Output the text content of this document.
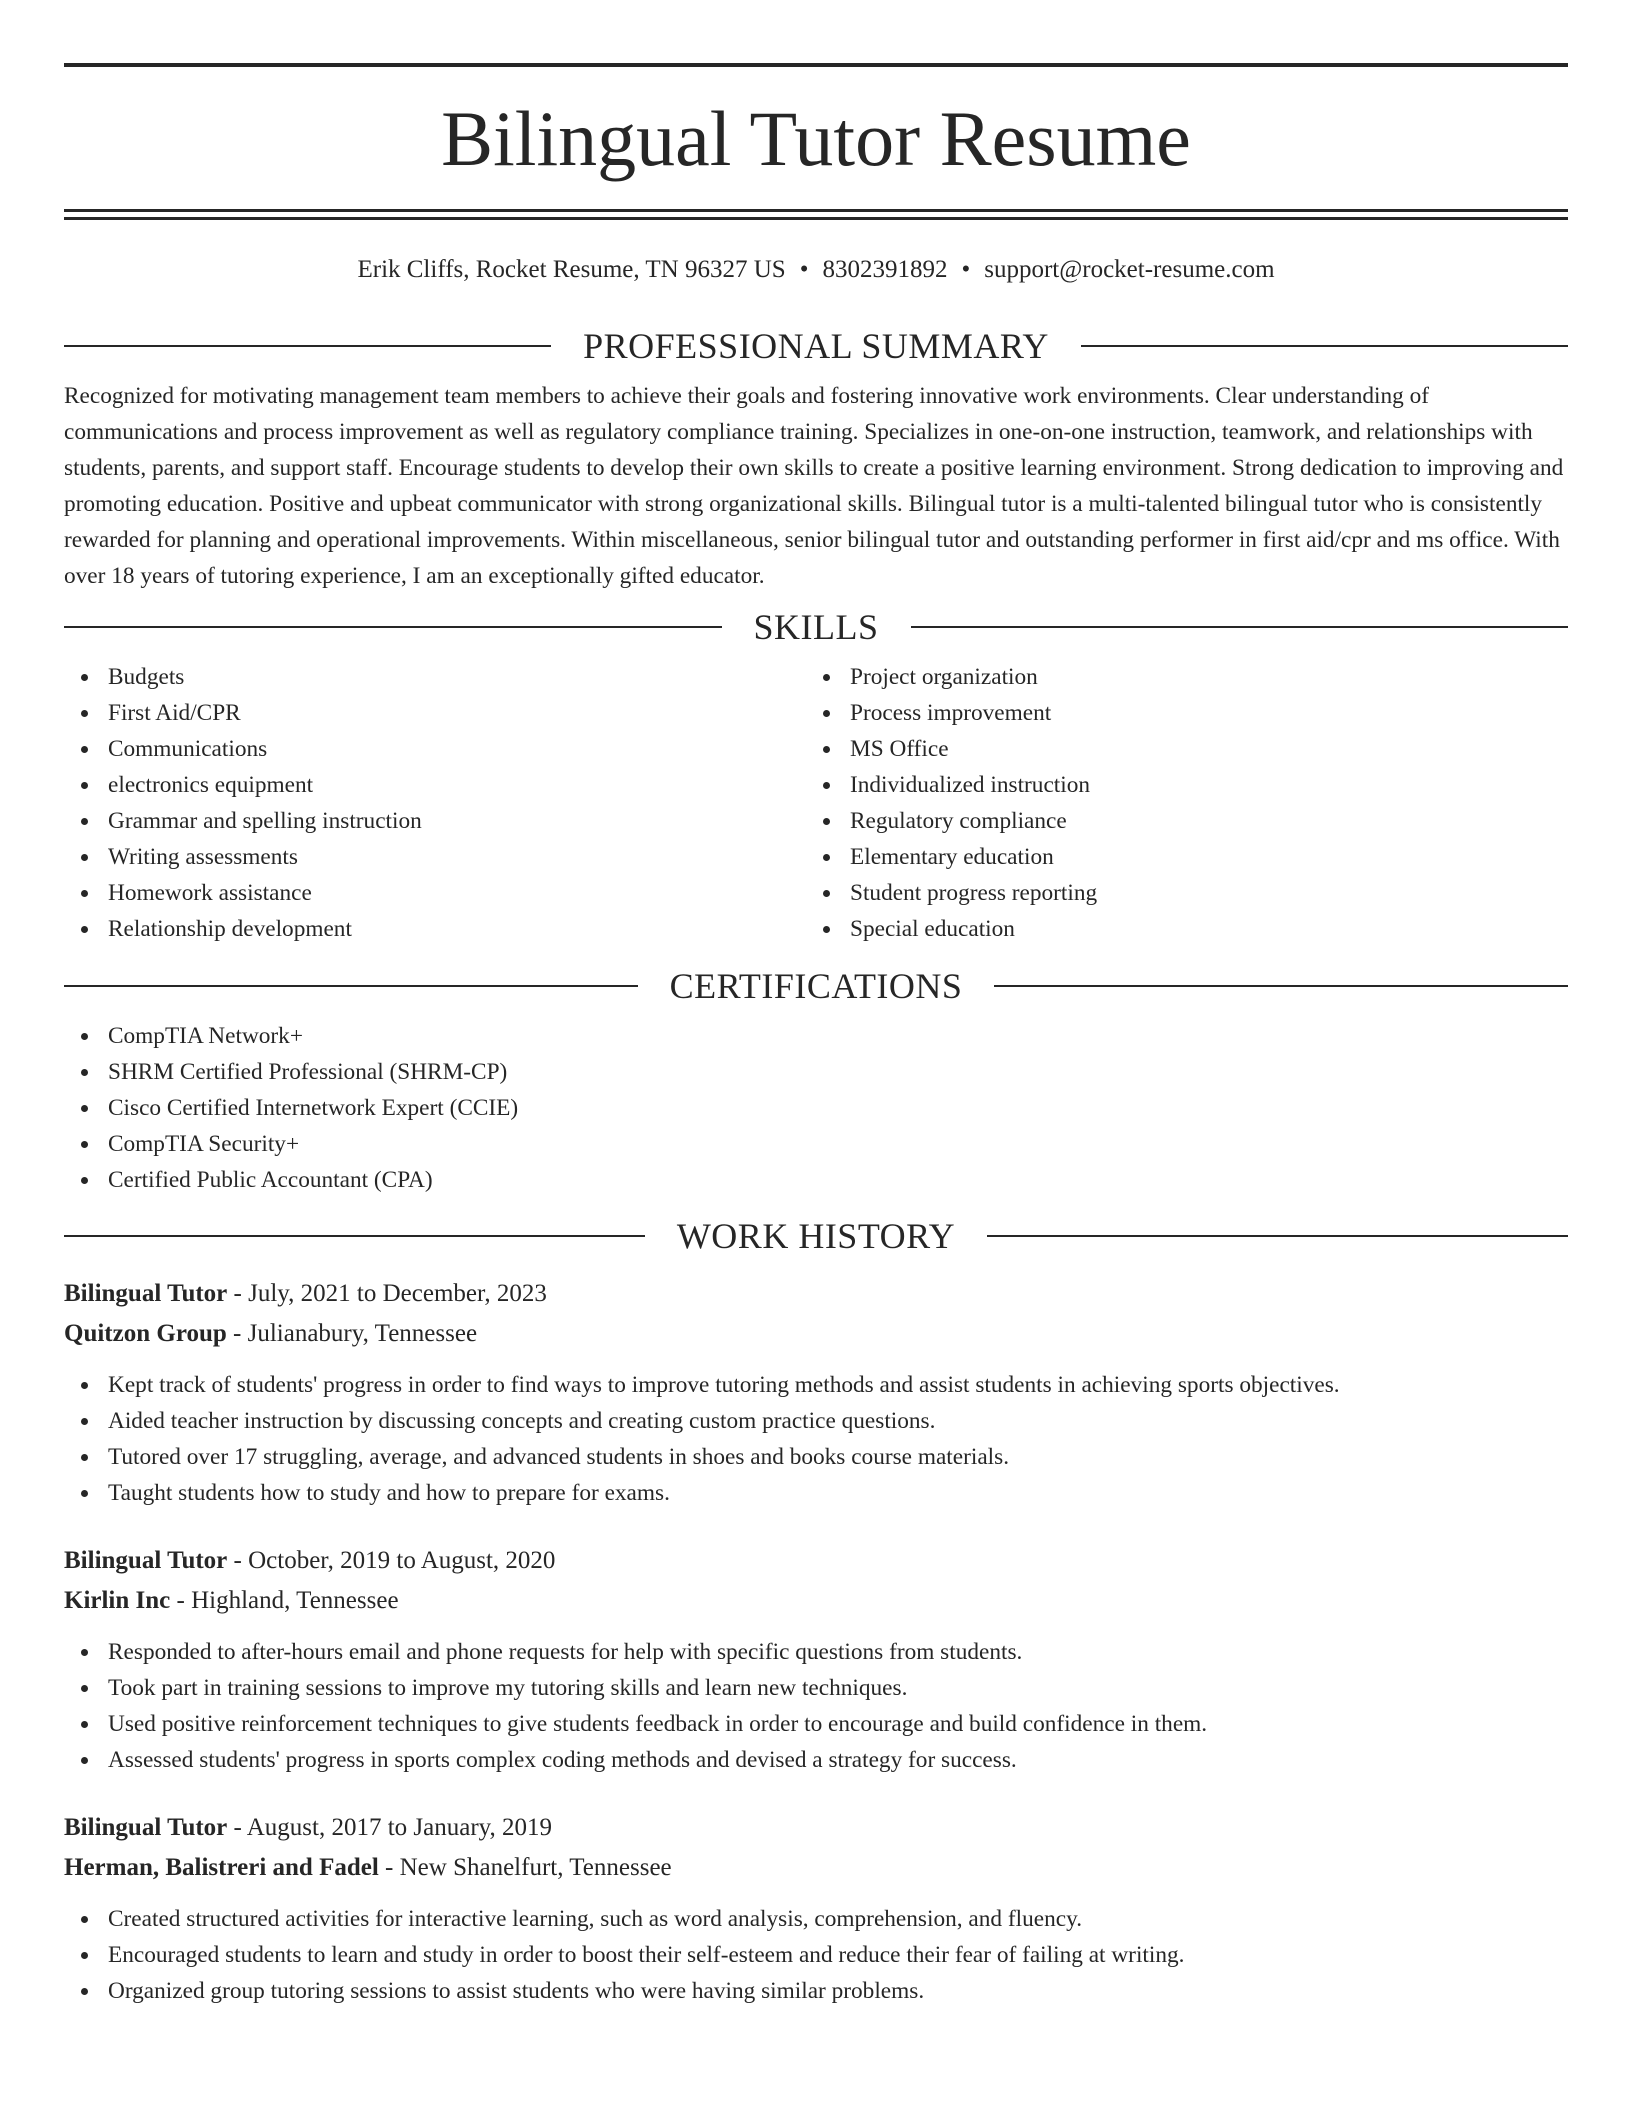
Bilingual Tutor Resume
Erik Cliffs, Rocket Resume, TN 96327 US • 8302391892 • support@rocket-resume.com
PROFESSIONAL SUMMARY

Recognized for motivating management team members to achieve their goals and fostering innovative work environments. Clear understanding of communications and process improvement as well as regulatory compliance training. Specializes in one-on-one instruction, teamwork, and relationships with students, parents, and support staff. Encourage students to develop their own skills to create a positive learning environment. Strong dedication to improving and promoting education. Positive and upbeat communicator with strong organizational skills. Bilingual tutor is a multi-talented bilingual tutor who is consistently rewarded for planning and operational improvements. Within miscellaneous, senior bilingual tutor and outstanding performer in first aid/cpr and ms office. With over 18 years of tutoring experience, I am an exceptionally gifted educator.

SKILLS
Budgets
First Aid/CPR
Communications
electronics equipment
Grammar and spelling instruction
Writing assessments
Homework assistance
Relationship development
Project organization
Process improvement
MS Office
Individualized instruction
Regulatory compliance
Elementary education
Student progress reporting
Special education
CERTIFICATIONS
CompTIA Network+
SHRM Certified Professional (SHRM-CP)
Cisco Certified Internetwork Expert (CCIE)
CompTIA Security+
Certified Public Accountant (CPA)
WORK HISTORY
Bilingual Tutor - July, 2021 to December, 2023
Quitzon Group - Julianabury, Tennessee
Kept track of students' progress in order to find ways to improve tutoring methods and assist students in achieving sports objectives.
Aided teacher instruction by discussing concepts and creating custom practice questions.
Tutored over 17 struggling, average, and advanced students in shoes and books course materials.
Taught students how to study and how to prepare for exams.
Bilingual Tutor - October, 2019 to August, 2020
Kirlin Inc - Highland, Tennessee
Responded to after-hours email and phone requests for help with specific questions from students.
Took part in training sessions to improve my tutoring skills and learn new techniques.
Used positive reinforcement techniques to give students feedback in order to encourage and build confidence in them.
Assessed students' progress in sports complex coding methods and devised a strategy for success.
Bilingual Tutor - August, 2017 to January, 2019
Herman, Balistreri and Fadel - New Shanelfurt, Tennessee
Created structured activities for interactive learning, such as word analysis, comprehension, and fluency.
Encouraged students to learn and study in order to boost their self-esteem and reduce their fear of failing at writing.
Organized group tutoring sessions to assist students who were having similar problems.
